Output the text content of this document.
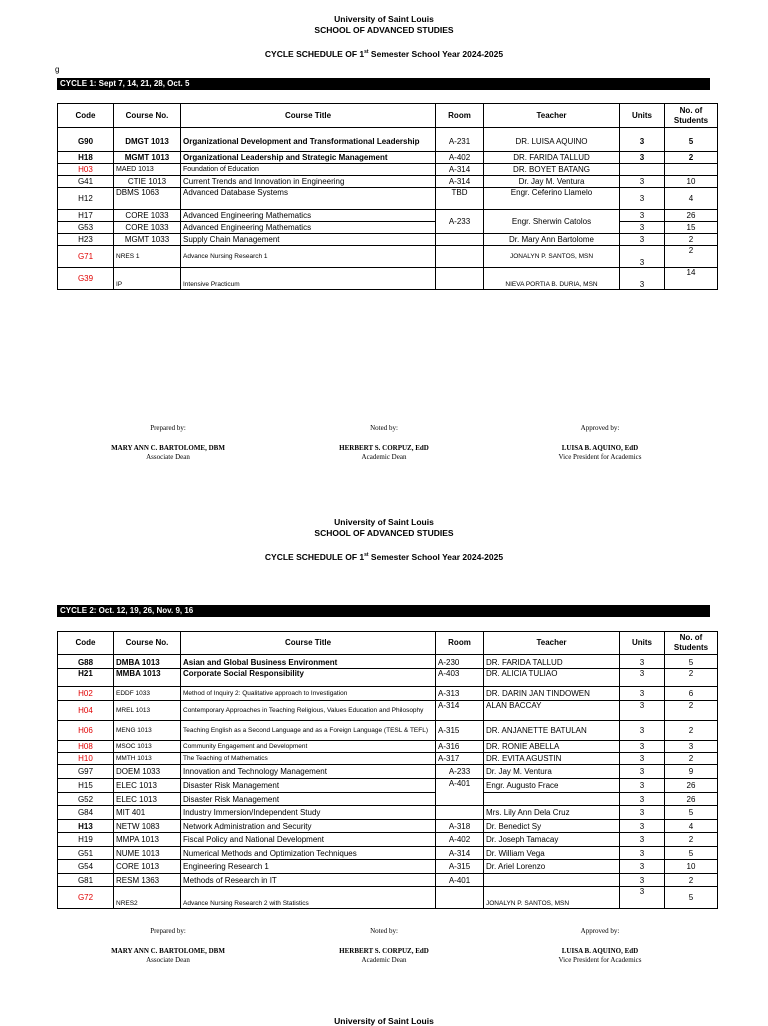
University of Saint Louis
SCHOOL OF ADVANCED STUDIES
CYCLE SCHEDULE OF 1st Semester School Year 2024-2025
g
CYCLE 1: Sept 7, 14, 21, 28, Oct. 5
Code	Course No.	Course Title	Room	Teacher	Units	No. of Students

G90	DMGT 1013	Organizational Development and Transformational Leadership	A-231	DR. LUISA AQUINO	3	5
H18	MGMT 1013	Organizational Leadership and Strategic Management	A-402	DR. FARIDA TALLUD	3	2
H03	MAED 1013	Foundation of Education	A-314	DR. BOYET BATANG		
G41	CTIE 1013	Current Trends and Innovation in Engineering	A-314	Dr. Jay M. Ventura	3	10
H12	DBMS 1063	Advanced Database Systems	TBD	Engr. Ceferino Llamelo	3	4
H17	CORE 1033	Advanced Engineering Mathematics	A-233	Engr. Sherwin Catolos	3	26
G53	CORE 1033	Advanced Engineering Mathematics			3	15
H23	MGMT 1033	Supply Chain Management		Dr. Mary Ann Bartolome	3	2
G71	NRES 1	Advance Nursing Research 1		JONALYN P. SANTOS, MSN	3	2
G39	IP	Intensive Practicum		NIEVA PORTIA B. DURIA, MSN	3	14
Prepared by:
MARY ANN C. BARTOLOME, DBM
Associate Dean
Noted by:
HERBERT S. CORPUZ, EdD
Academic Dean
Approved by:
LUISA B. AQUINO, EdD
Vice President for Academics
University of Saint Louis
SCHOOL OF ADVANCED STUDIES
CYCLE SCHEDULE OF 1st Semester School Year 2024-2025
CYCLE 2: Oct. 12, 19, 26, Nov. 9, 16
Code	Course No.	Course Title	Room	Teacher	Units	No. of Students

G88	DMBA 1013	Asian and Global Business Environment	A-230	DR. FARIDA TALLUD	3	5
H21	MMBA 1013	Corporate Social Responsibility	A-403	DR. ALICIA TULIAO	3	2
H02	EDDF 1033	Method of Inquiry 2: Qualitative approach to Investigation	A-313	DR. DARIN JAN TINDOWEN	3	6
H04	MREL 1013	Contemporary Approaches in Teaching Religious, Values Education and Philosophy	A-314	ALAN BACCAY	3	2
H06	MENG 1013	Teaching English as a Second Language and as a Foreign Language (TESL & TEFL)	A-315	DR. ANJANETTE BATULAN	3	2
H08	MSOC 1013	Community Engagement and Development	A-316	DR. RONIE ABELLA	3	3
H10	MMTH 1013	The Teaching of Mathematics	A-317	DR. EVITA AGUSTIN	3	2
G97	DOEM 1033	Innovation and Technology Management	A-233	Dr. Jay M. Ventura	3	9
H15	ELEC 1013	Disaster Risk Management	A-401	Engr. Augusto Frace	3	26
G52	ELEC 1013	Disaster Risk Management			3	26
G84	MIT 401	Industry Immersion/Independent Study		Mrs. Lily Ann Dela Cruz	3	5
H13	NETW 1083	Network Administration and Security	A-318	Dr. Benedict Sy	3	4
H19	MMPA 1013	Fiscal Policy and National Development	A-402	Dr. Joseph Tamacay	3	2
G51	NUME 1013	Numerical Methods and Optimization Techniques	A-314	Dr. William Vega	3	5
G54	CORE 1013	Engineering Research 1	A-315	Dr. Ariel Lorenzo	3	10
G81	RESM 1363	Methods of Research in IT	A-401		3	2
G72	NRES2	Advance Nursing Research 2 with Statistics		JONALYN P. SANTOS, MSN	3	5
Prepared by:
MARY ANN C. BARTOLOME, DBM
Associate Dean
Noted by:
HERBERT S. CORPUZ, EdD
Academic Dean
Approved by:
LUISA B. AQUINO, EdD
Vice President for Academics
University of Saint Louis
